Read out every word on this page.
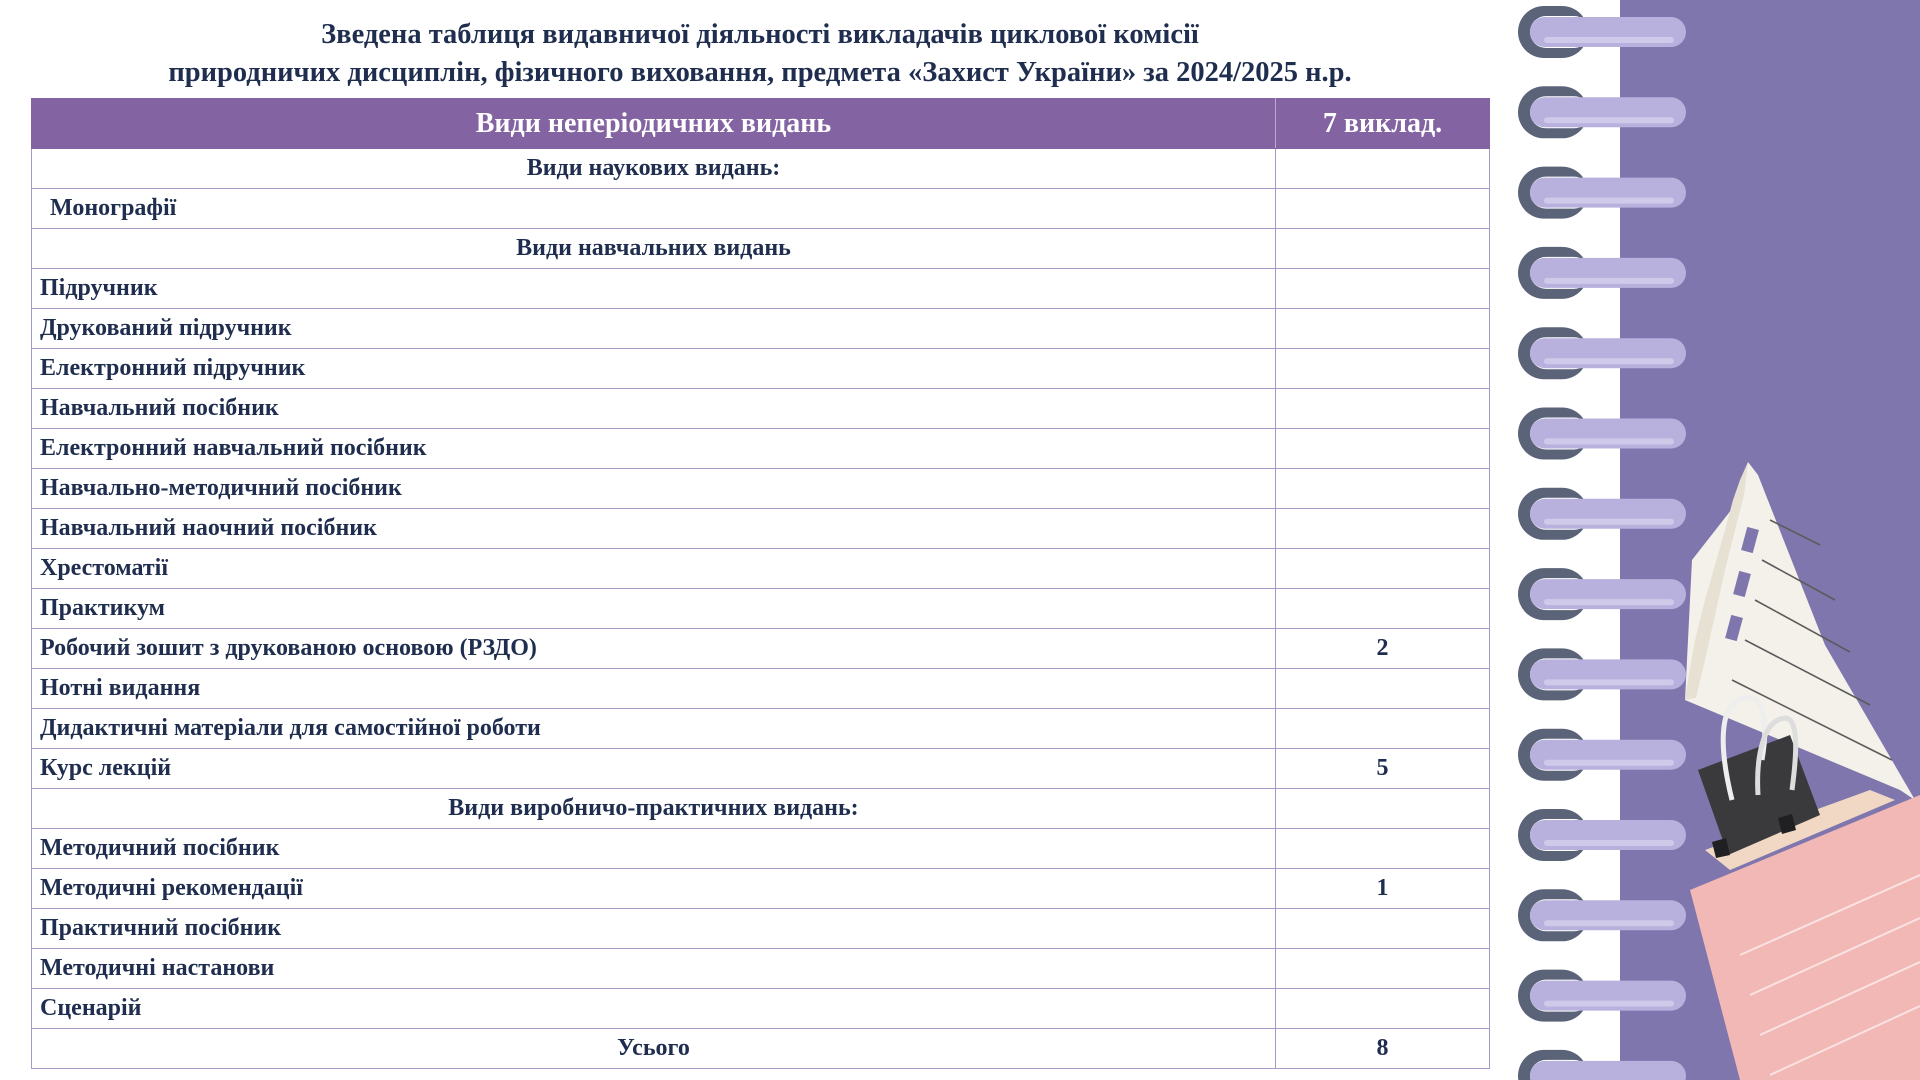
Зведена таблиця видавничої діяльності викладачів циклової комісії
природничих дисциплін, фізичного виховання, предмета «Захист України» за 2024/2025 н.р.
Види неперіодичних видань	7 виклад.
Види наукових видань:	
Монографії	
Види навчальних видань	
Підручник	
Друкований підручник	
Електронний підручник	
Навчальний посібник	
Електронний навчальний посібник	
Навчально-методичний посібник	
Навчальний наочний посібник	
Хрестоматії	
Практикум	
Робочий зошит з друкованою основою (РЗДО)	2
Нотні видання	
Дидактичні матеріали для самостійної роботи	
Курс лекцій	5
Види виробничо-практичних видань:	
Методичний посібник	
Методичні рекомендації	1
Практичний посібник	
Методичні настанови	
Сценарій	
Усього	8
